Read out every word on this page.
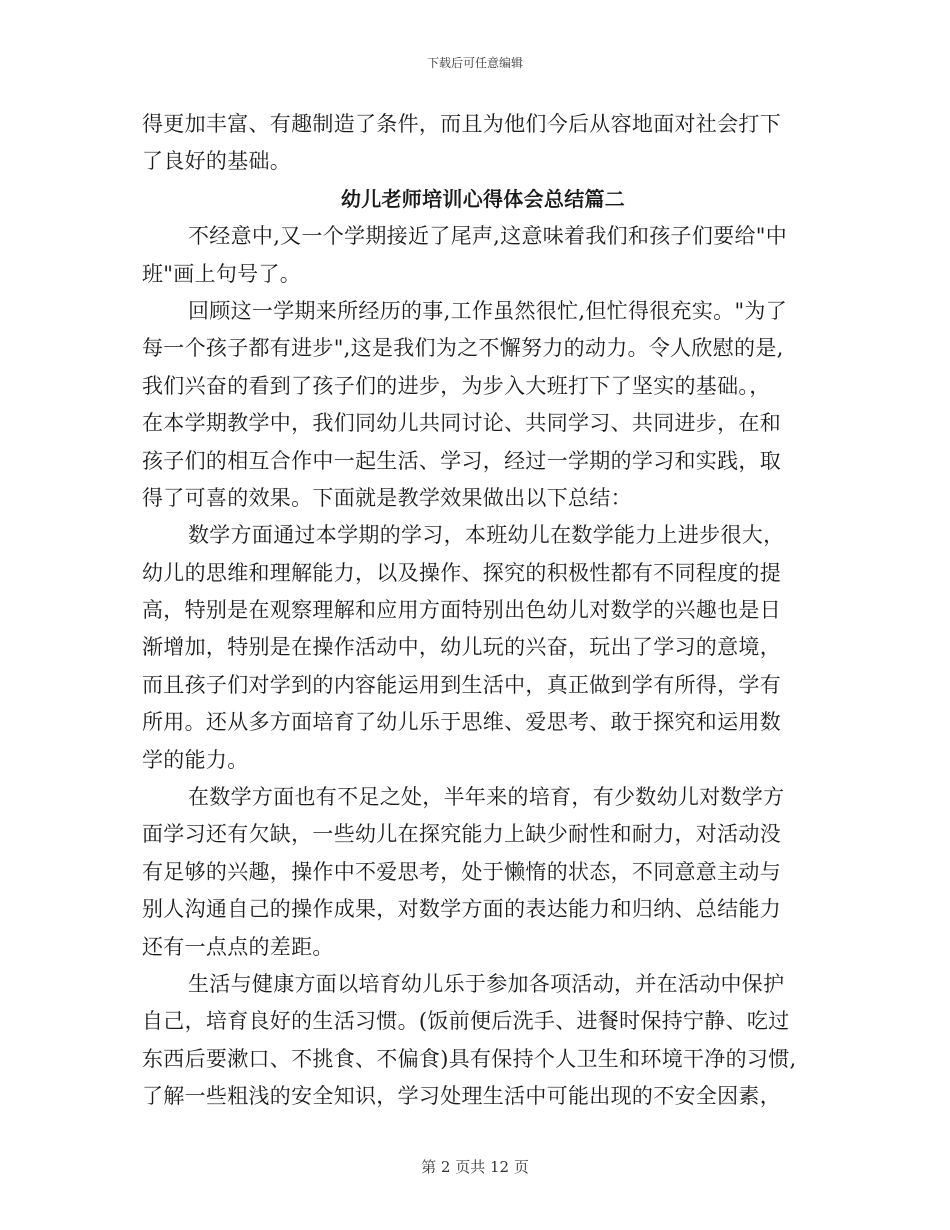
下载后可任意编辑
得更加丰富、有趣制造了条件，而且为他们今后从容地面对社会打下
了良好的基础。
幼儿老师培训心得体会总结篇二
不经意中,又一个学期接近了尾声,这意味着我们和孩子们要给"中
班"画上句号了。
回顾这一学期来所经历的事,工作虽然很忙,但忙得很充实。"为了
每一个孩子都有进步",这是我们为之不懈努力的动力。令人欣慰的是,
我们兴奋的看到了孩子们的进步，为步入大班打下了坚实的基础。，
在本学期教学中，我们同幼儿共同讨论、共同学习、共同进步，在和
孩子们的相互合作中一起生活、学习，经过一学期的学习和实践，取
得了可喜的效果。下面就是教学效果做出以下总结：
数学方面通过本学期的学习，本班幼儿在数学能力上进步很大，
幼儿的思维和理解能力，以及操作、探究的积极性都有不同程度的提
高，特别是在观察理解和应用方面特别出色幼儿对数学的兴趣也是日
渐增加，特别是在操作活动中，幼儿玩的兴奋，玩出了学习的意境，
而且孩子们对学到的内容能运用到生活中，真正做到学有所得，学有
所用。还从多方面培育了幼儿乐于思维、爱思考、敢于探究和运用数
学的能力。
在数学方面也有不足之处，半年来的培育，有少数幼儿对数学方
面学习还有欠缺，一些幼儿在探究能力上缺少耐性和耐力，对活动没
有足够的兴趣，操作中不爱思考，处于懒惰的状态，不同意意主动与
别人沟通自己的操作成果，对数学方面的表达能力和归纳、总结能力
还有一点点的差距。
生活与健康方面以培育幼儿乐于参加各项活动，并在活动中保护
自己，培育良好的生活习惯。(饭前便后洗手、进餐时保持宁静、吃过
东西后要漱口、不挑食、不偏食)具有保持个人卫生和环境干净的习惯,
了解一些粗浅的安全知识，学习处理生活中可能出现的不安全因素，
第 2 页共 12 页
